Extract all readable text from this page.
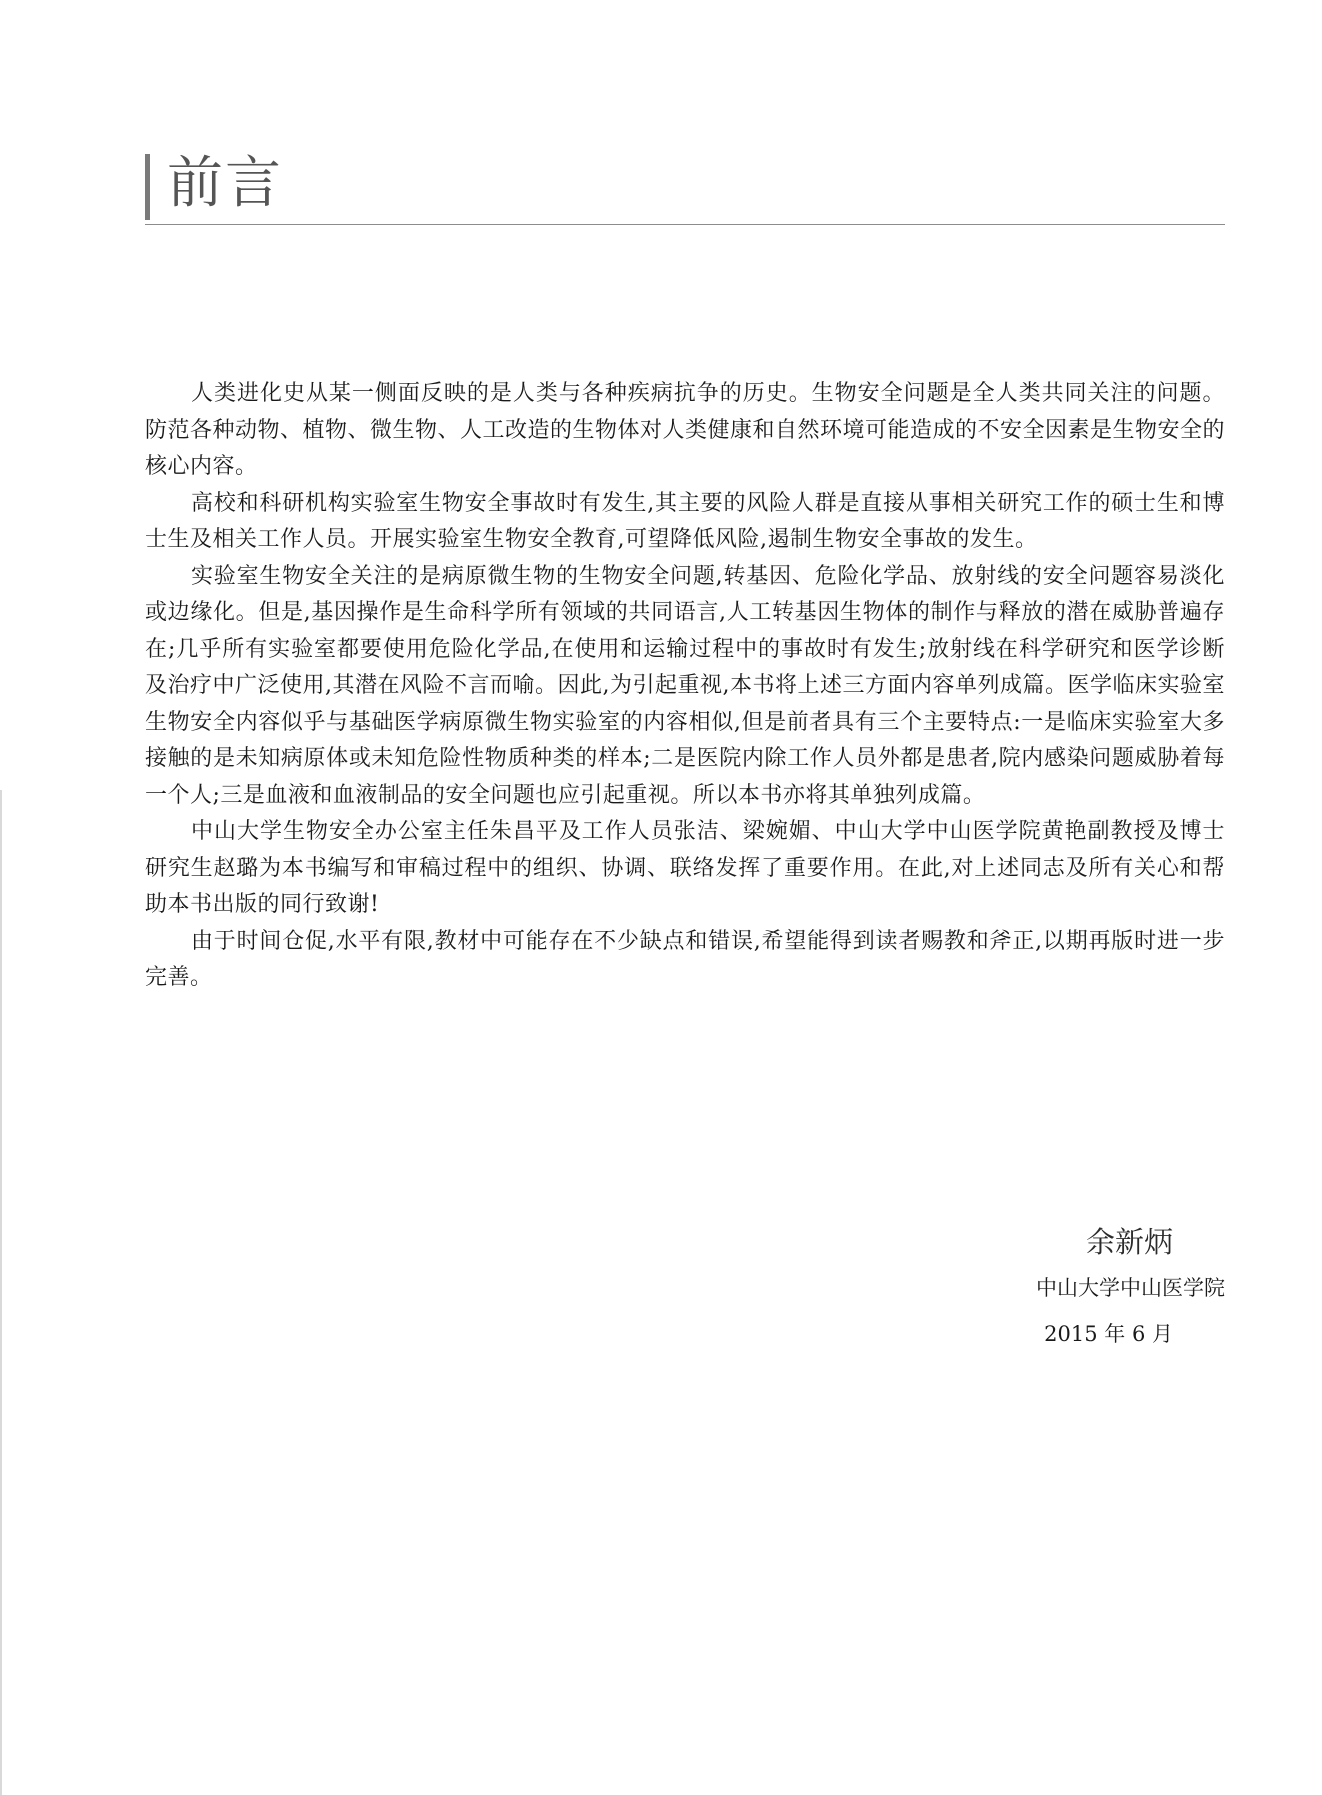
前言

人类进化史从某一侧面反映的是人类与各种疾病抗争的历史。生物安全问题是全人类共同关注的问题。防范各种动物、植物、微生物、人工改造的生物体对人类健康和自然环境可能造成的不安全因素是生物安全的核心内容。

高校和科研机构实验室生物安全事故时有发生,其主要的风险人群是直接从事相关研究工作的硕士生和博士生及相关工作人员。开展实验室生物安全教育,可望降低风险,遏制生物安全事故的发生。

实验室生物安全关注的是病原微生物的生物安全问题,转基因、危险化学品、放射线的安全问题容易淡化或边缘化。但是,基因操作是生命科学所有领域的共同语言,人工转基因生物体的制作与释放的潜在威胁普遍存在;几乎所有实验室都要使用危险化学品,在使用和运输过程中的事故时有发生;放射线在科学研究和医学诊断及治疗中广泛使用,其潜在风险不言而喻。因此,为引起重视,本书将上述三方面内容单列成篇。医学临床实验室生物安全内容似乎与基础医学病原微生物实验室的内容相似,但是前者具有三个主要特点:一是临床实验室大多接触的是未知病原体或未知危险性物质种类的样本;二是医院内除工作人员外都是患者,院内感染问题威胁着每一个人;三是血液和血液制品的安全问题也应引起重视。所以本书亦将其单独列成篇。

中山大学生物安全办公室主任朱昌平及工作人员张洁、梁婉媚、中山大学中山医学院黄艳副教授及博士研究生赵璐为本书编写和审稿过程中的组织、协调、联络发挥了重要作用。在此,对上述同志及所有关心和帮助本书出版的同行致谢!

由于时间仓促,水平有限,教材中可能存在不少缺点和错误,希望能得到读者赐教和斧正,以期再版时进一步完善。

余新炳
中山大学中山医学院
2015 年 6 月
